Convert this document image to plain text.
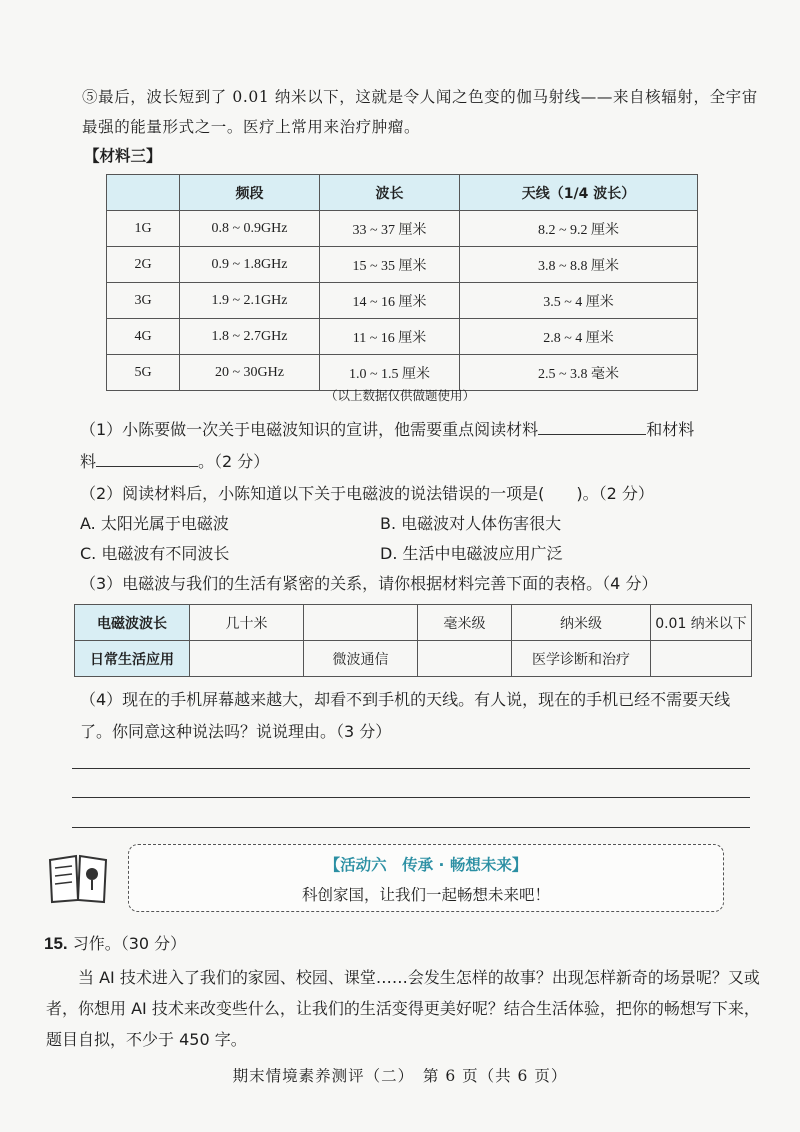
⑤最后，波长短到了 0.01 纳米以下，这就是令人闻之色变的伽马射线——来自核辐射，全宇宙最强的能量形式之一。医疗上常用来治疗肿瘤。
【材料三】
	频段	波长	天线（1/4 波长）
1G	0.8 ~ 0.9GHz	33 ~ 37 厘米	8.2 ~ 9.2 厘米
2G	0.9 ~ 1.8GHz	15 ~ 35 厘米	3.8 ~ 8.8 厘米
3G	1.9 ~ 2.1GHz	14 ~ 16 厘米	3.5 ~ 4 厘米
4G	1.8 ~ 2.7GHz	11 ~ 16 厘米	2.8 ~ 4 厘米
5G	20 ~ 30GHz	1.0 ~ 1.5 厘米	2.5 ~ 3.8 毫米
（以上数据仅供做题使用）
（1）小陈要做一次关于电磁波知识的宣讲，他需要重点阅读材料	和材料
料	。（2 分）
（2）阅读材料后，小陈知道以下关于电磁波的说法错误的一项是(　　)。（2 分）
A. 太阳光属于电磁波	B. 电磁波对人体伤害很大
C. 电磁波有不同波长	D. 生活中电磁波应用广泛
（3）电磁波与我们的生活有紧密的关系，请你根据材料完善下面的表格。（4 分）
电磁波波长	几十米		毫米级	纳米级	0.01 纳米以下
日常生活应用		微波通信		医学诊断和治疗	
（4）现在的手机屏幕越来越大，却看不到手机的天线。有人说，现在的手机已经不需要天线了。你同意这种说法吗？说说理由。（3 分）
【活动六　传承 · 畅想未来】
科创家国，让我们一起畅想未来吧！
15. 习作。（30 分）
当 AI 技术进入了我们的家园、校园、课堂……会发生怎样的故事？出现怎样新奇的场景呢？又或者，你想用 AI 技术来改变些什么，让我们的生活变得更美好呢？结合生活体验，把你的畅想写下来，题目自拟，不少于 450 字。
期末情境素养测评（二）　第 6 页（共 6 页）
